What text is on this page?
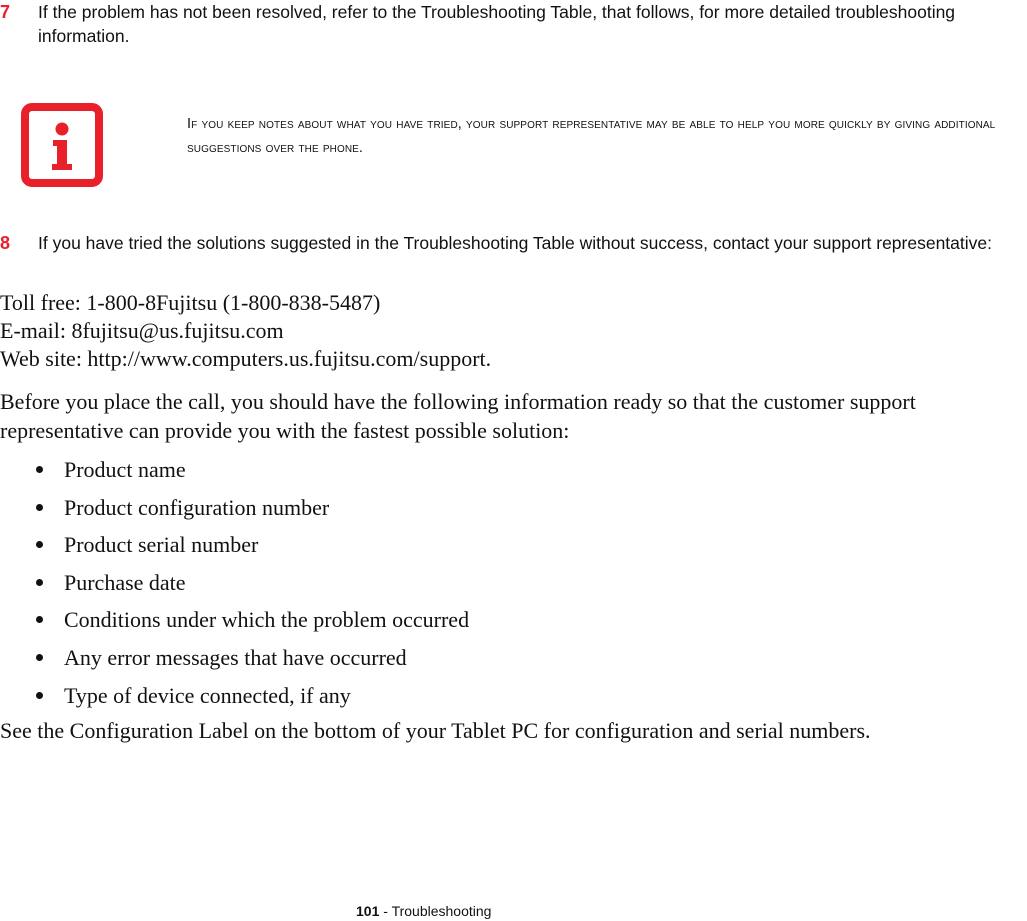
7 If the problem has not been resolved, refer to the Troubleshooting Table, that follows, for more detailed troubleshooting information.
If you keep notes about what you have tried, your support representative may be able to help you more quickly by giving additional suggestions over the phone.
8 If you have tried the solutions suggested in the Troubleshooting Table without success, contact your support representative:
Toll free: 1-800-8Fujitsu (1-800-838-5487)
E-mail: 8fujitsu@us.fujitsu.com
Web site: http://www.computers.us.fujitsu.com/support.
Before you place the call, you should have the following information ready so that the customer support representative can provide you with the fastest possible solution:
Product name
Product configuration number
Product serial number
Purchase date
Conditions under which the problem occurred
Any error messages that have occurred
Type of device connected, if any
See the Configuration Label on the bottom of your Tablet PC for configuration and serial numbers.
101 - Troubleshooting
